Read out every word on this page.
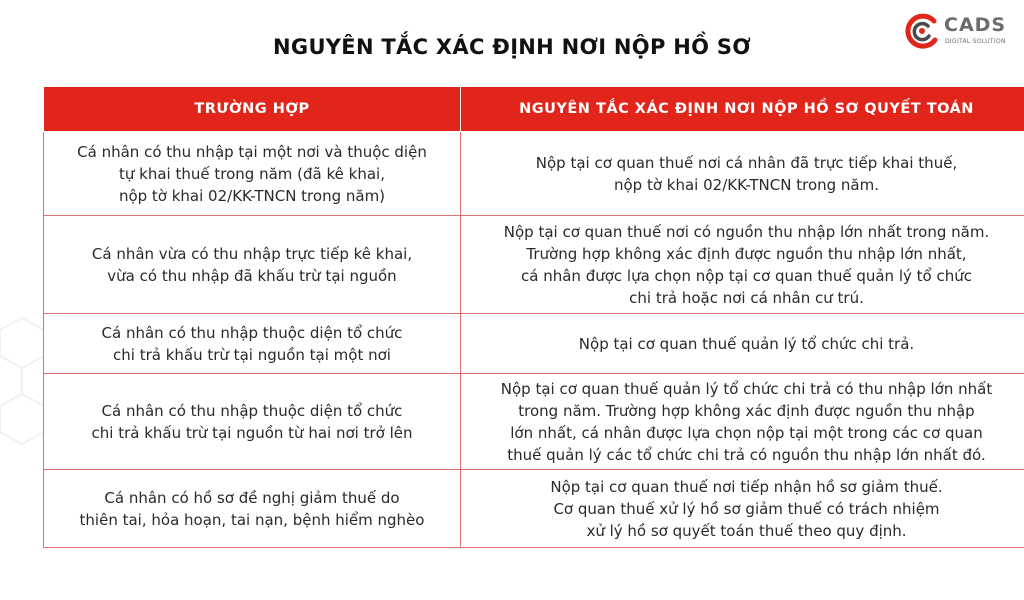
CADS
DIGITAL SOLUTION
NGUYÊN TẮC XÁC ĐỊNH NƠI NỘP HỒ SƠ
TRƯỜNG HỢP	NGUYÊN TẮC XÁC ĐỊNH NƠI NỘP HỒ SƠ QUYẾT TOÁN

Cá nhân có thu nhập tại một nơi và thuộc diện
tự khai thuế trong năm (đã kê khai,
nộp tờ khai 02/KK-TNCN trong năm)	Nộp tại cơ quan thuế nơi cá nhân đã trực tiếp khai thuế,
nộp tờ khai 02/KK-TNCN trong năm.

Cá nhân vừa có thu nhập trực tiếp kê khai,
vừa có thu nhập đã khấu trừ tại nguồn	Nộp tại cơ quan thuế nơi có nguồn thu nhập lớn nhất trong năm.
Trường hợp không xác định được nguồn thu nhập lớn nhất,
cá nhân được lựa chọn nộp tại cơ quan thuế quản lý tổ chức
chi trả hoặc nơi cá nhân cư trú.

Cá nhân có thu nhập thuộc diện tổ chức
chi trả khấu trừ tại nguồn tại một nơi	Nộp tại cơ quan thuế quản lý tổ chức chi trả.

Cá nhân có thu nhập thuộc diện tổ chức
chi trả khấu trừ tại nguồn từ hai nơi trở lên	Nộp tại cơ quan thuế quản lý tổ chức chi trả có thu nhập lớn nhất
trong năm. Trường hợp không xác định được nguồn thu nhập
lớn nhất, cá nhân được lựa chọn nộp tại một trong các cơ quan
thuế quản lý các tổ chức chi trả có nguồn thu nhập lớn nhất đó.

Cá nhân có hồ sơ đề nghị giảm thuế do
thiên tai, hỏa hoạn, tai nạn, bệnh hiểm nghèo	Nộp tại cơ quan thuế nơi tiếp nhận hồ sơ giảm thuế.
Cơ quan thuế xử lý hồ sơ giảm thuế có trách nhiệm
xử lý hồ sơ quyết toán thuế theo quy định.
